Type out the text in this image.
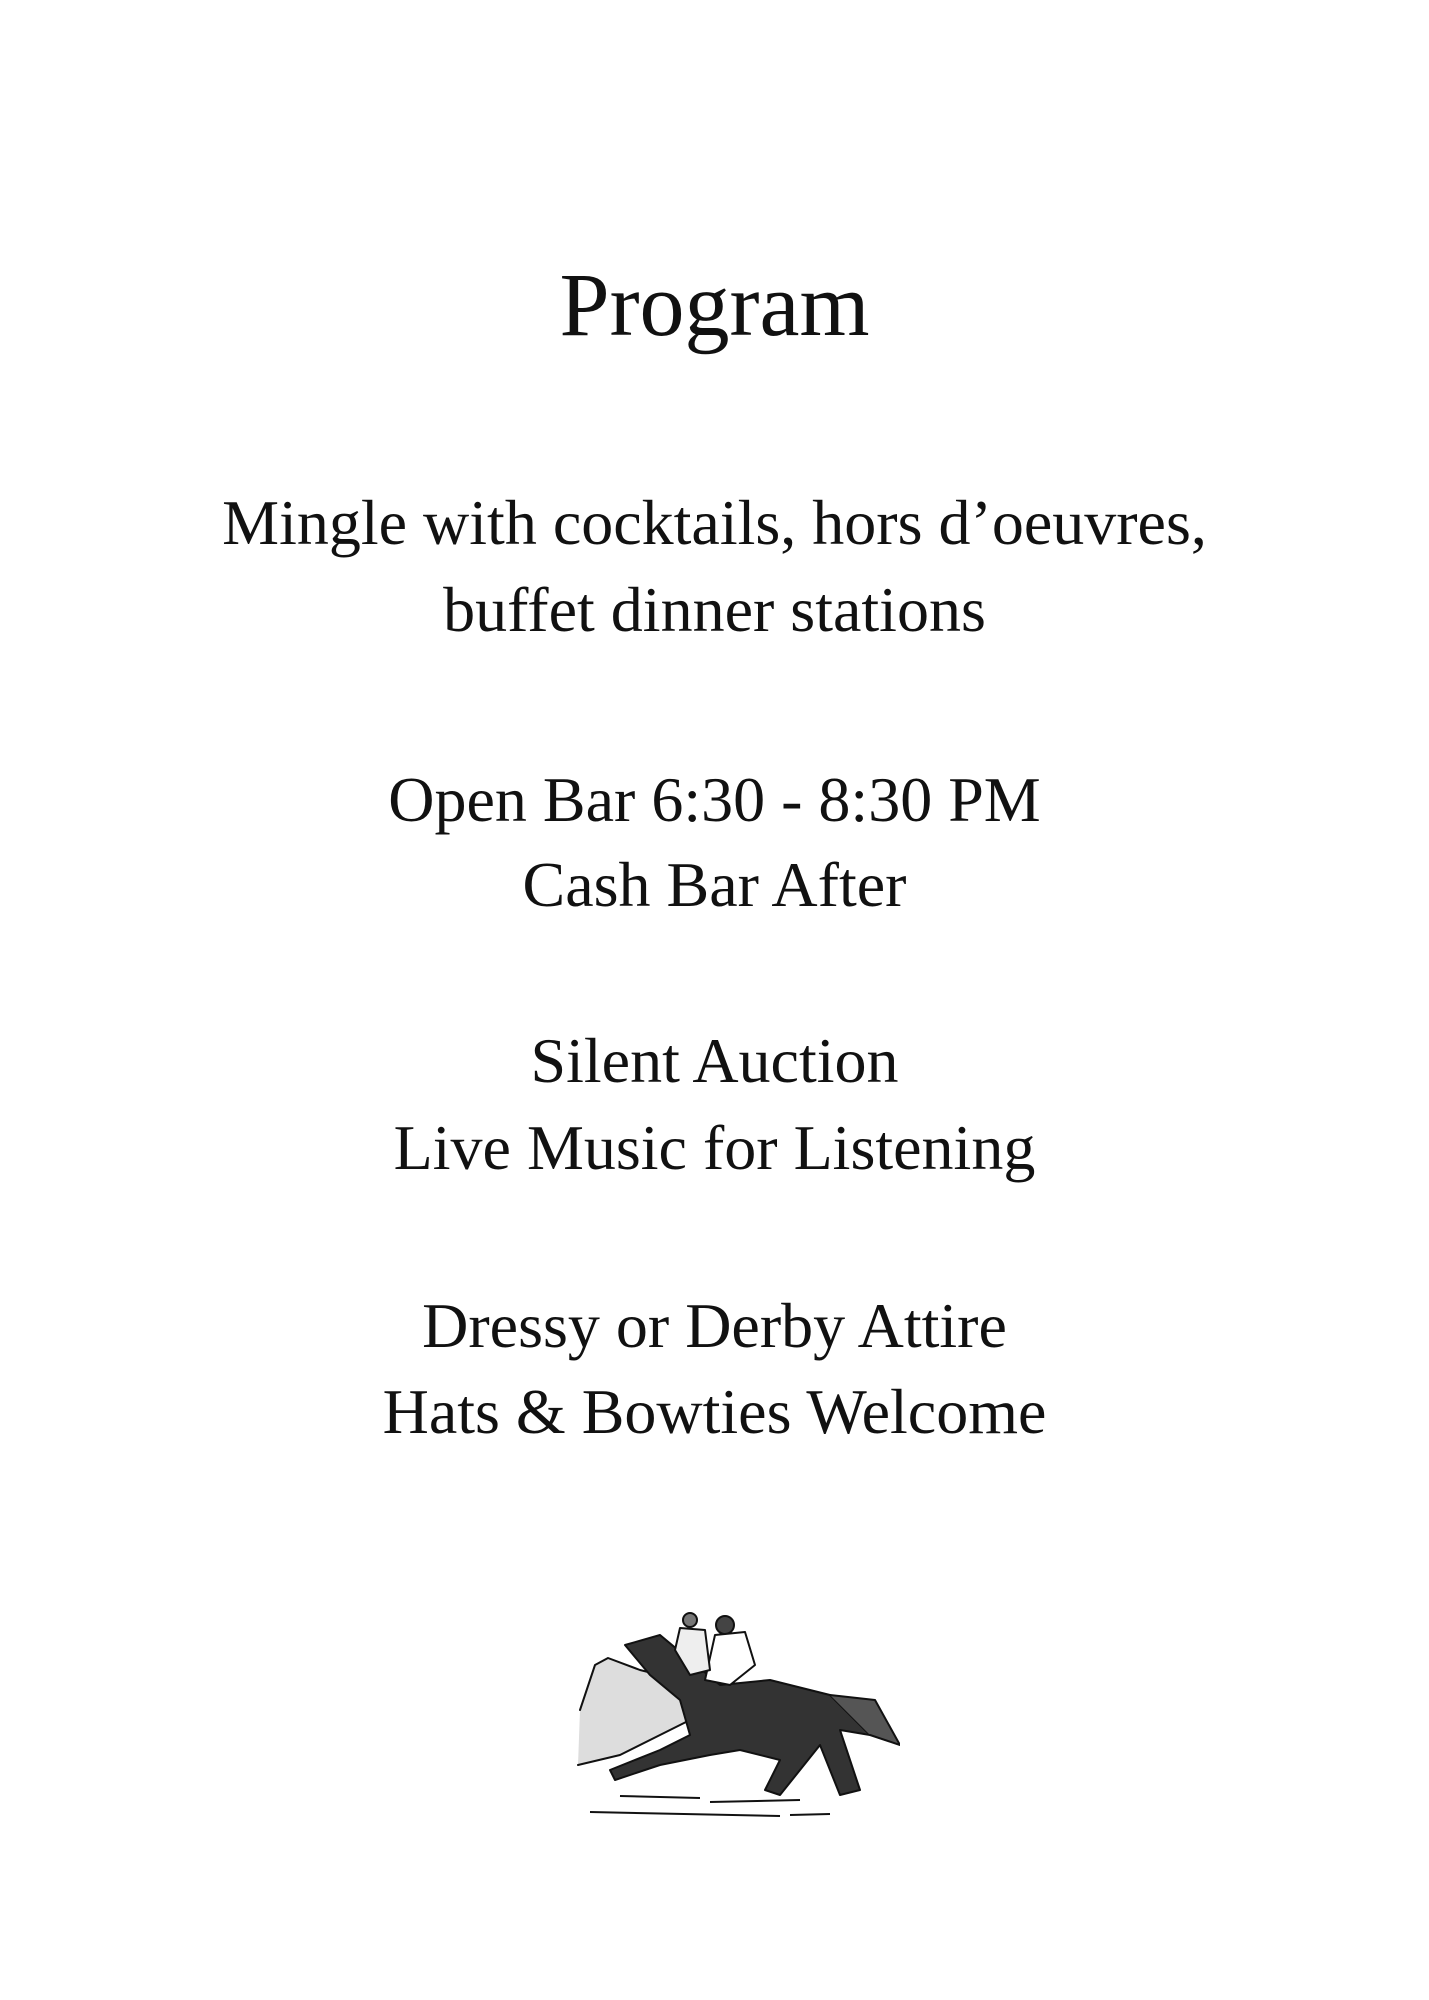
Program
Mingle with cocktails, hors d’oeuvres,
buffet dinner stations
Open Bar 6:30 - 8:30 PM
Cash Bar After
Silent Auction
Live Music for Listening
Dressy or Derby Attire
Hats & Bowties Welcome
